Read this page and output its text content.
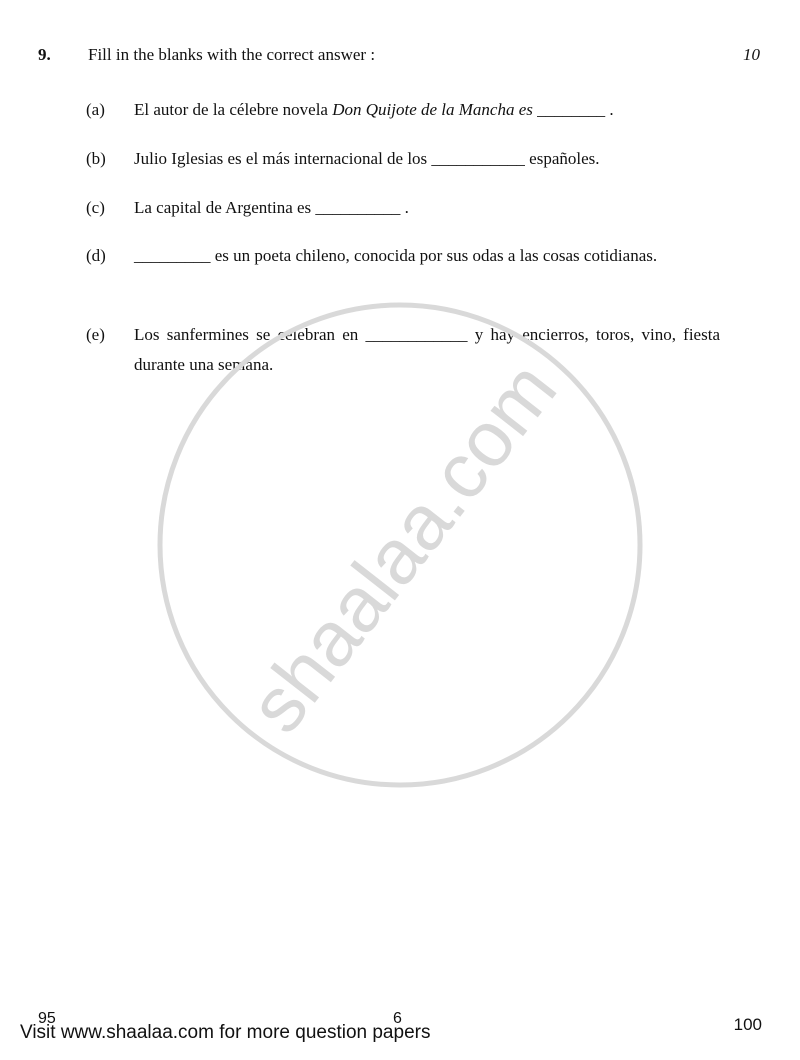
9. Fill in the blanks with the correct answer :	10
(a) El autor de la célebre novela Don Quijote de la Mancha es ________ .
(b) Julio Iglesias es el más internacional de los ___________ españoles.
(c) La capital de Argentina es __________ .
(d) _________ es un poeta chileno, conocida por sus odas a las cosas cotidianas.
(e) Los sanfermines se celebran en ____________ y hay encierros, toros, vino, fiesta durante una semana.
shaalaa.com
95	6	100
Visit www.shaalaa.com for more question papers
